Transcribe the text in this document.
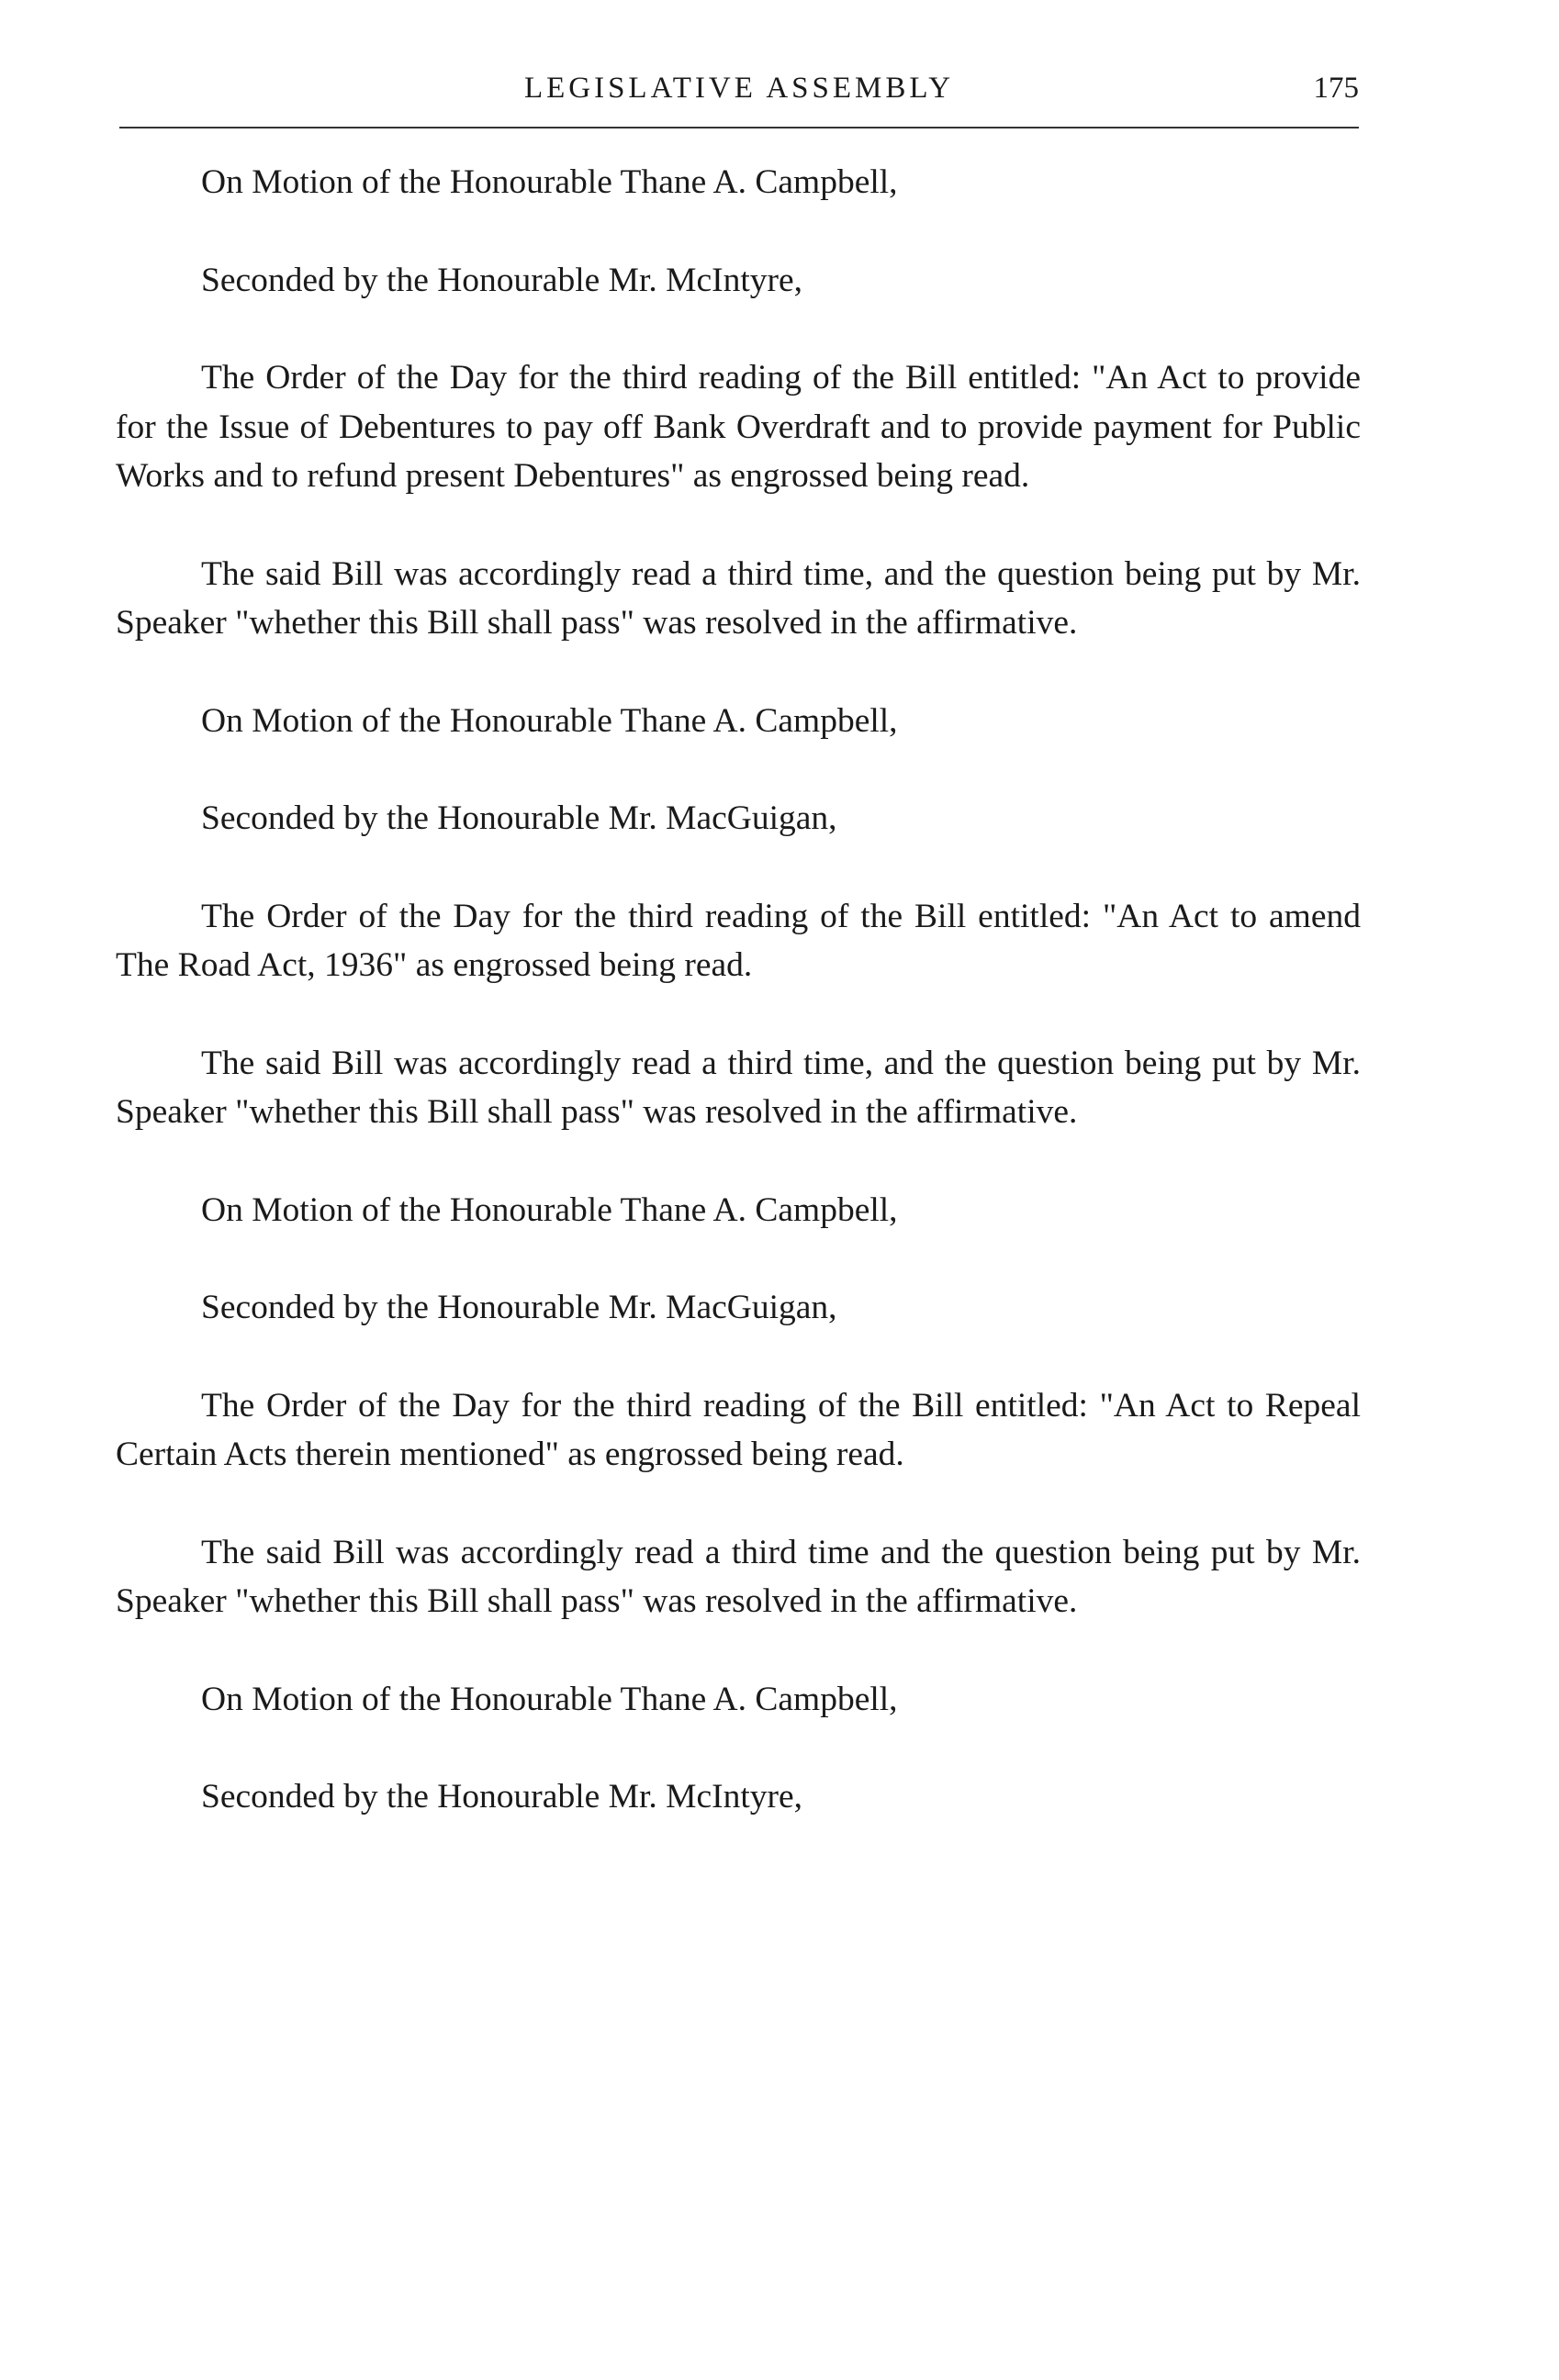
LEGISLATIVE ASSEMBLY	175

On Motion of the Honourable Thane A. Campbell,

Seconded by the Honourable Mr. McIntyre,

The Order of the Day for the third reading of the Bill entitled: "An Act to provide for the Issue of Debentures to pay off Bank Overdraft and to provide payment for Public Works and to refund present Debentures" as engrossed being read.

The said Bill was accordingly read a third time, and the question being put by Mr. Speaker "whether this Bill shall pass" was resolved in the affirmative.

On Motion of the Honourable Thane A. Campbell,

Seconded by the Honourable Mr. MacGuigan,

The Order of the Day for the third reading of the Bill entitled: "An Act to amend The Road Act, 1936" as engrossed being read.

The said Bill was accordingly read a third time, and the question being put by Mr. Speaker "whether this Bill shall pass" was resolved in the affirmative.

On Motion of the Honourable Thane A. Campbell,

Seconded by the Honourable Mr. MacGuigan,

The Order of the Day for the third reading of the Bill entitled: "An Act to Repeal Certain Acts therein mentioned" as engrossed being read.

The said Bill was accordingly read a third time and the question being put by Mr. Speaker "whether this Bill shall pass" was resolved in the affirmative.

On Motion of the Honourable Thane A. Campbell,

Seconded by the Honourable Mr. McIntyre,
